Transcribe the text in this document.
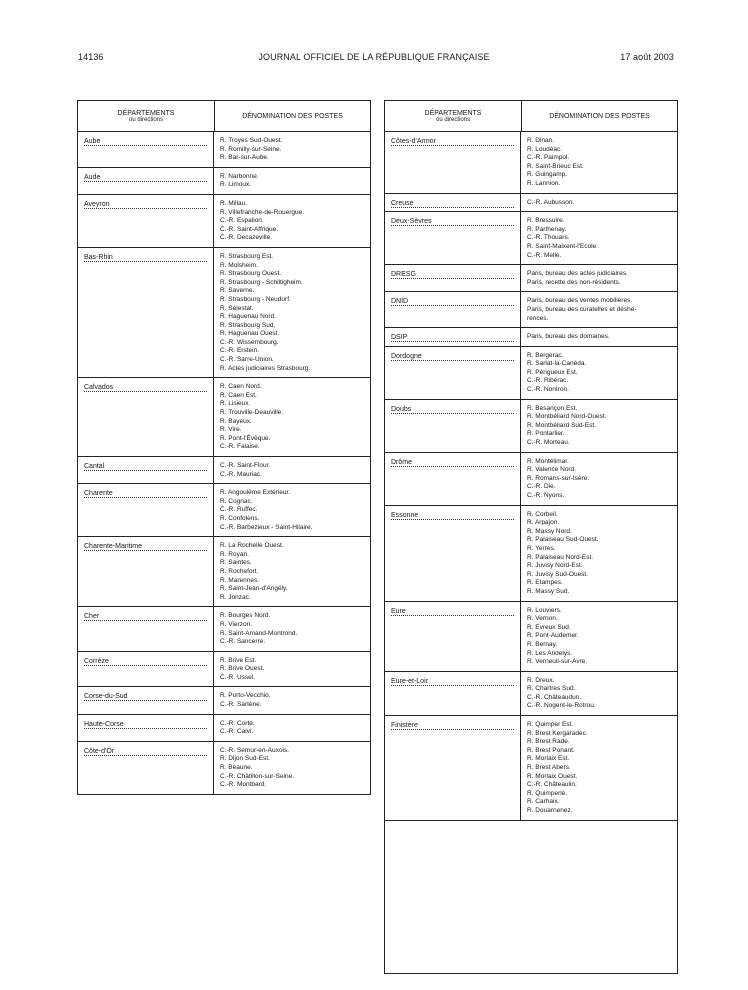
14136	JOURNAL OFFICIEL DE LA RÉPUBLIQUE FRANÇAISE	17 août 2003
DÉPARTEMENTS
ou directions	DÉNOMINATION DES POSTES
Aube	R. Troyes Sud-Ouest.
R. Romilly-sur-Seine.
R. Bar-sur-Aube.
Aude	R. Narbonne.
R. Limoux.
Aveyron	R. Millau.
R. Villefranche-de-Rouergue.
C.-R. Espalion.
C.-R. Saint-Affrique.
C.-R. Decazeville.
Bas-Rhin	R. Strasbourg Est.
R. Molsheim.
R. Strasbourg Ouest.
R. Strasbourg - Schiltigheim.
R. Saverne.
R. Strasbourg - Neudorf.
R. Sélestat.
R. Haguenau Nord.
R. Strasbourg Sud.
R. Haguenau Ouest.
C.-R. Wissembourg.
C.-R. Erstein.
C.-R. Sarre-Union.
R. Actes judiciaires Strasbourg.
Calvados	R. Caen Nord.
R. Caen Est.
R. Lisieux.
R. Trouville-Deauville.
R. Bayeux.
R. Vire.
R. Pont-l'Évêque.
C.-R. Falaise.
Cantal	C.-R. Saint-Flour.
C.-R. Mauriac.
Charente	R. Angoulême Extérieur.
R. Cognac.
C.-R. Ruffec.
R. Confolens.
C.-R. Barbezieux - Saint-Hilaire.
Charente-Maritime	R. La Rochelle Ouest.
R. Royan.
R. Saintes.
R. Rochefort.
R. Marennes.
R. Saint-Jean-d'Angély.
R. Jonzac.
Cher	R. Bourges Nord.
R. Vierzon.
R. Saint-Amand-Montrond.
C.-R. Sancerre.
Corrèze	R. Brive Est.
R. Brive Ouest.
C.-R. Ussel.
Corse-du-Sud	R. Porto-Vecchio.
C.-R. Sartène.
Haute-Corse	C.-R. Corte.
C.-R. Calvi.
Côte-d'Or	C.-R. Semur-en-Auxois.
R. Dijon Sud-Est.
R. Beaune.
C.-R. Châtillon-sur-Seine.
C.-R. Montbard.
DÉPARTEMENTS
ou directions	DÉNOMINATION DES POSTES
Côtes-d'Armor	R. Dinan.
R. Loudéac.
C.-R. Paimpol.
R. Saint-Brieuc Est.
R. Guingamp.
R. Lannion.
Creuse	C.-R. Aubusson.
Deux-Sèvres	R. Bressuire.
R. Parthenay.
C.-R. Thouars.
R. Saint-Maixent-l'Ecole.
C.-R. Melle.
DRESG	Paris, bureau des actes judiciaires.
Paris, recette des non-résidents.
DNID	Paris, bureau des ventes mobilières.
Paris, bureau des curatelles et déshé-
rences.
DSIP	Paris, bureau des domaines.
Dordogne	R. Bergerac.
R. Sarlat-la-Canéda.
R. Périgueux Est.
C.-R. Ribérac.
C.-R. Nontron.
Doubs	R. Besançon Est.
R. Montbéliard Nord-Ouest.
R. Montbéliard Sud-Est.
R. Pontarlier.
C.-R. Morteau.
Drôme	R. Montélimar.
R. Valence Nord.
R. Romans-sur-Isère.
C.-R. Die.
C.-R. Nyons.
Essonne	R. Corbeil.
R. Arpajon.
R. Massy Nord.
R. Palaiseau Sud-Ouest.
R. Yerres.
R. Palaiseau Nord-Est.
R. Juvisy Nord-Est.
R. Juvisy Sud-Ouest.
R. Etampes.
R. Massy Sud.
Eure	R. Louviers.
R. Vernon.
R. Evreux Sud.
R. Pont-Audemer.
R. Bernay.
R. Les Andelys.
R. Verneuil-sur-Avre.
Eure-et-Loir	R. Dreux.
R. Chartres Sud.
C.-R. Châteaudun.
C.-R. Nogent-le-Rotrou.
Finistère	R. Quimper Est.
R. Brest Kergaradec.
R. Brest Rade.
R. Brest Ponant.
R. Morlaix Est.
R. Brest Abers.
R. Morlaix Ouest.
C.-R. Châteaulin.
R. Quimperlé.
R. Carhaix.
R. Douarnenez.
